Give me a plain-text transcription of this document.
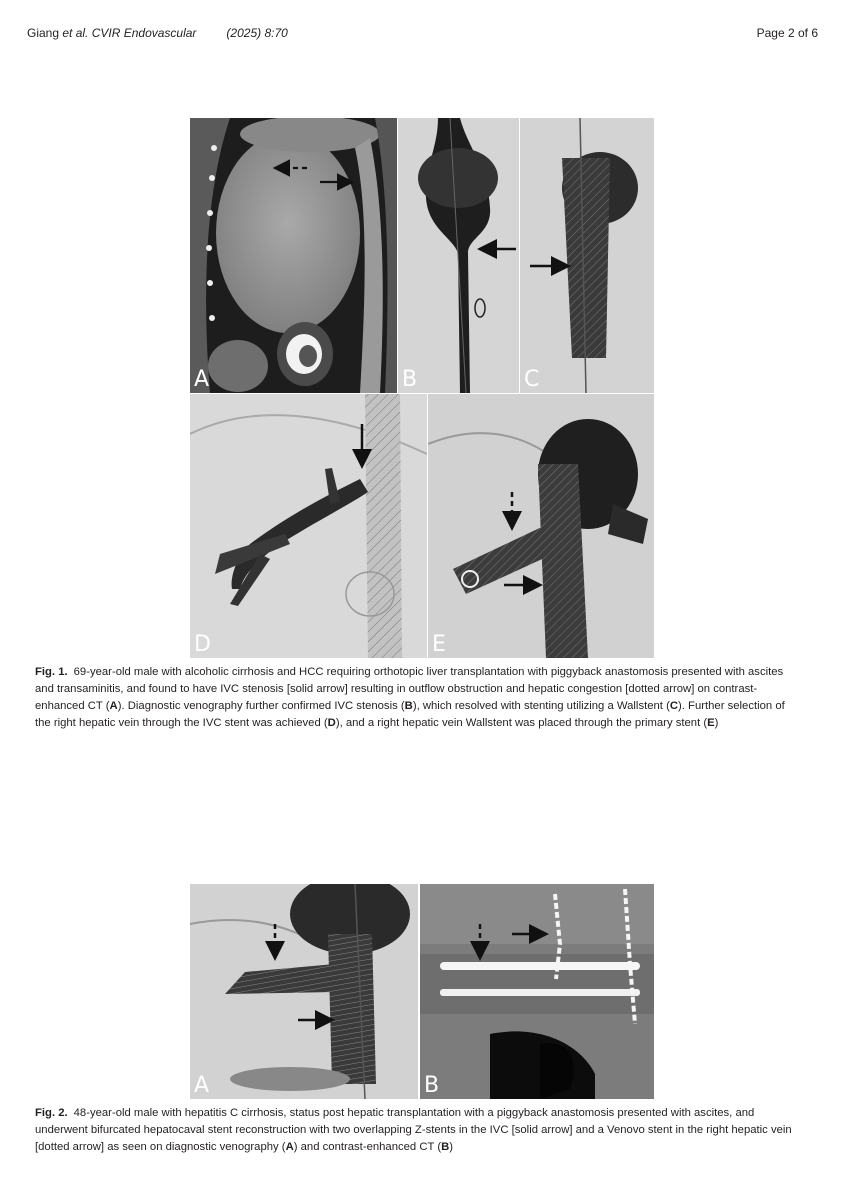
Giang et al. CVIR Endovascular	(2025) 8:70	Page 2 of 6
A	B	C
D	E
Fig. 1. 69-year-old male with alcoholic cirrhosis and HCC requiring orthotopic liver transplantation with piggyback anastomosis presented with ascites and transaminitis, and found to have IVC stenosis [solid arrow] resulting in outflow obstruction and hepatic congestion [dotted arrow] on contrast-enhanced CT (A). Diagnostic venography further confirmed IVC stenosis (B), which resolved with stenting utilizing a Wallstent (C). Further selection of the right hepatic vein through the IVC stent was achieved (D), and a right hepatic vein Wallstent was placed through the primary stent (E)
A	B
Fig. 2. 48-year-old male with hepatitis C cirrhosis, status post hepatic transplantation with a piggyback anastomosis presented with ascites, and underwent bifurcated hepatocaval stent reconstruction with two overlapping Z-stents in the IVC [solid arrow] and a Venovo stent in the right hepatic vein [dotted arrow] as seen on diagnostic venography (A) and contrast-enhanced CT (B)
